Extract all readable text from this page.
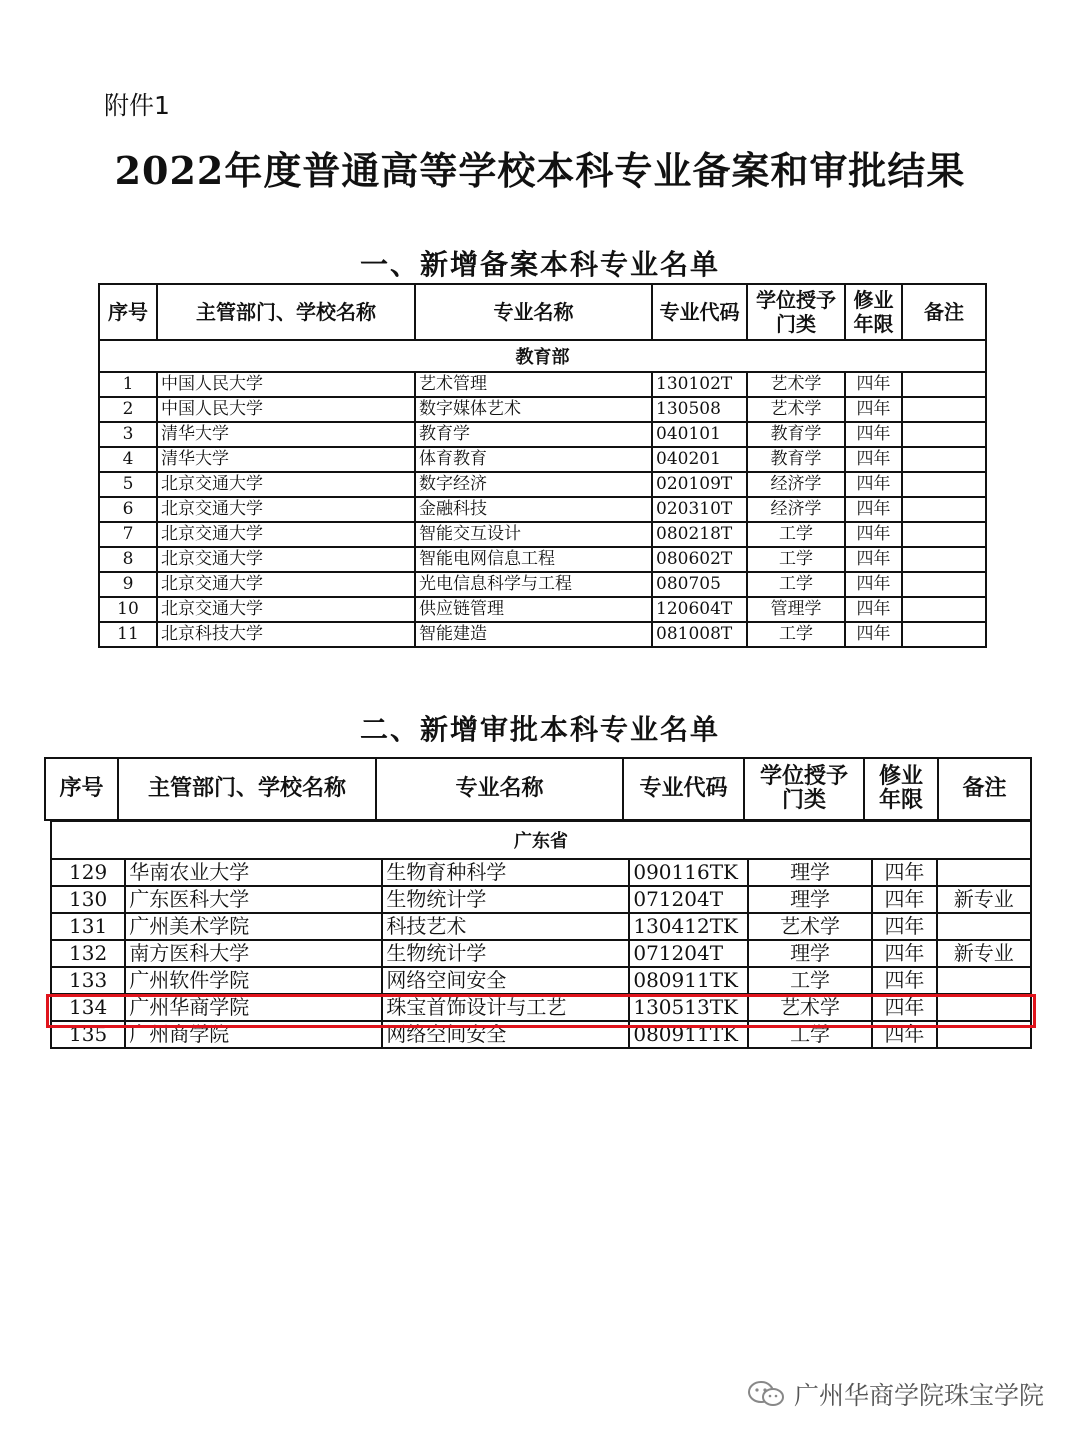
附件1
2022年度普通高等学校本科专业备案和审批结果
一、新增备案本科专业名单
序号	主管部门、学校名称	专业名称	专业代码	学位授予门类	修业年限	备注
教育部						
1	中国人民大学	艺术管理	130102T	艺术学	四年	
2	中国人民大学	数字媒体艺术	130508	艺术学	四年	
3	清华大学	教育学	040101	教育学	四年	
4	清华大学	体育教育	040201	教育学	四年	
5	北京交通大学	数字经济	020109T	经济学	四年	
6	北京交通大学	金融科技	020310T	经济学	四年	
7	北京交通大学	智能交互设计	080218T	工学	四年	
8	北京交通大学	智能电网信息工程	080602T	工学	四年	
9	北京交通大学	光电信息科学与工程	080705	工学	四年	
10	北京交通大学	供应链管理	120604T	管理学	四年	
11	北京科技大学	智能建造	081008T	工学	四年	
二、新增审批本科专业名单
序号	主管部门、学校名称	专业名称	专业代码	学位授予门类	修业年限	备注
广东省						
129	华南农业大学	生物育种科学	090116TK	理学	四年	
130	广东医科大学	生物统计学	071204T	理学	四年	新专业
131	广州美术学院	科技艺术	130412TK	艺术学	四年	
132	南方医科大学	生物统计学	071204T	理学	四年	新专业
133	广州软件学院	网络空间安全	080911TK	工学	四年	
134	广州华商学院	珠宝首饰设计与工艺	130513TK	艺术学	四年	
135	广州商学院	网络空间安全	080911TK	工学	四年	
广州华商学院珠宝学院
